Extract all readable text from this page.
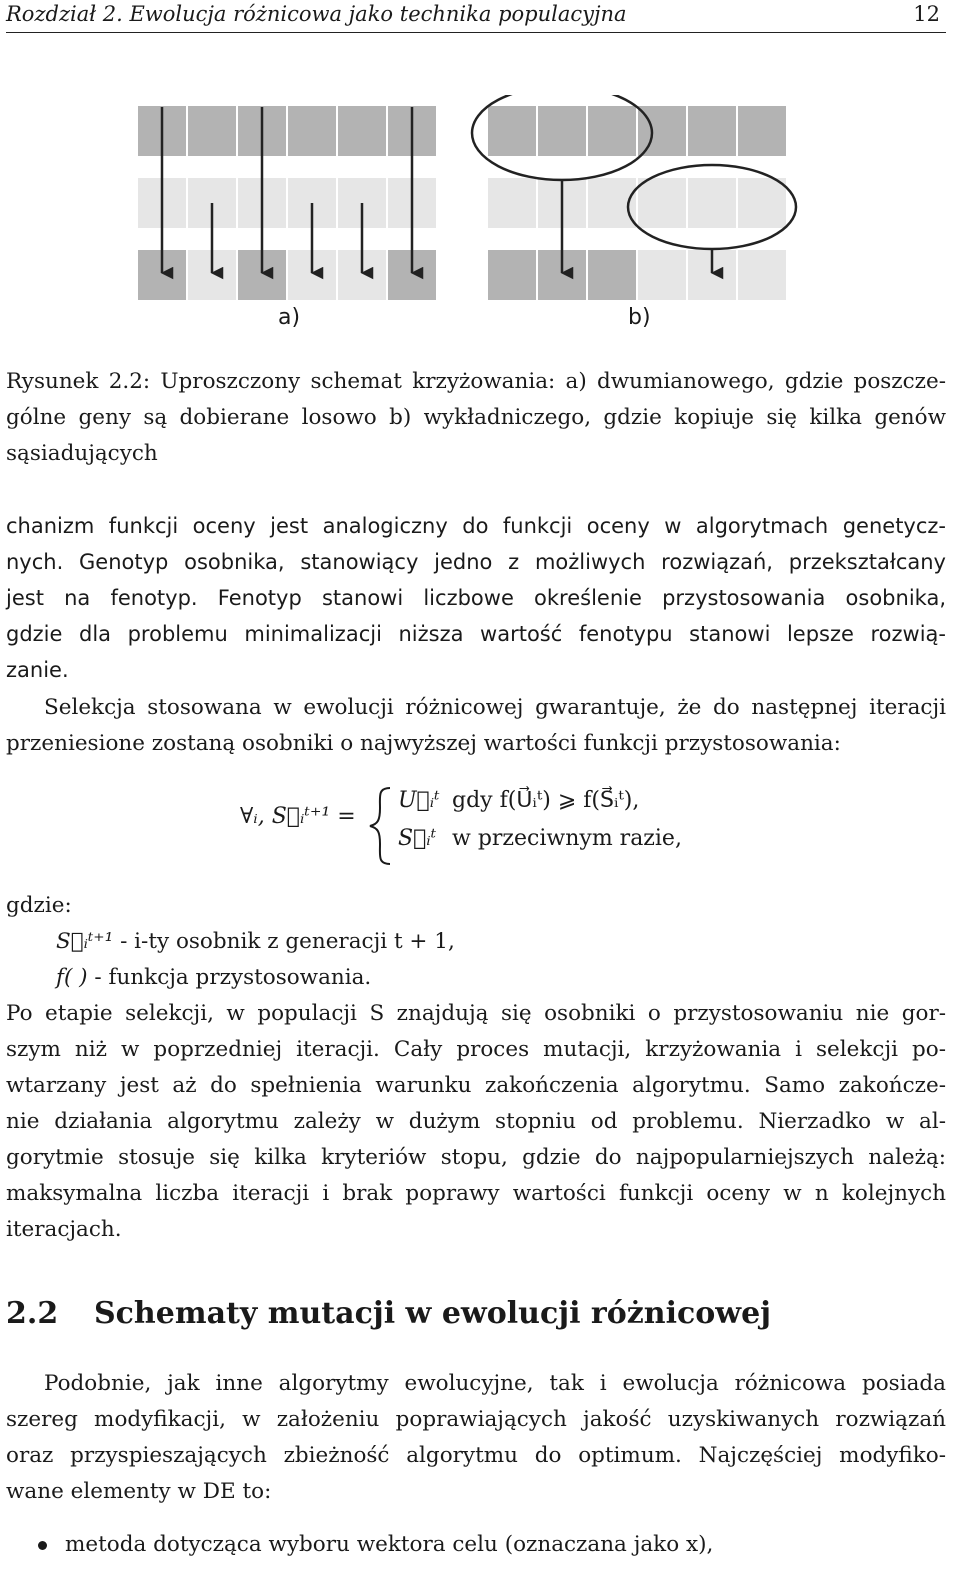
Rozdział 2. Ewolucja różnicowa jako technika populacyjna	12
a)	b)
Rysunek 2.2: Uproszczony schemat krzyżowania: a) dwumianowego, gdzie poszcze-
gólne geny są dobierane losowo b) wykładniczego, gdzie kopiuje się kilka genów
sąsiadujących
chanizm funkcji oceny jest analogiczny do funkcji oceny w algorytmach genetycz-
nych. Genotyp osobnika, stanowiący jedno z możliwych rozwiązań, przekształcany
jest na fenotyp. Fenotyp stanowi liczbowe określenie przystosowania osobnika,
gdzie dla problemu minimalizacji niższa wartość fenotypu stanowi lepsze rozwią-
zanie.
Selekcja stosowana w ewolucji różnicowej gwarantuje, że do następnej iteracji
przeniesione zostaną osobniki o najwyższej wartości funkcji przystosowania:
∀ᵢ, S⃗ᵢᵗ⁺¹ =
U⃗ᵢᵗ gdy f(U⃗ᵢᵗ) ⩾ f(S⃗ᵢᵗ),
S⃗ᵢᵗ w przeciwnym razie,
gdzie:
S⃗ᵢᵗ⁺¹ - i-ty osobnik z generacji t + 1,
f( ) - funkcja przystosowania.
Po etapie selekcji, w populacji S znajdują się osobniki o przystosowaniu nie gor-
szym niż w poprzedniej iteracji. Cały proces mutacji, krzyżowania i selekcji po-
wtarzany jest aż do spełnienia warunku zakończenia algorytmu. Samo zakończe-
nie działania algorytmu zależy w dużym stopniu od problemu. Nierzadko w al-
gorytmie stosuje się kilka kryteriów stopu, gdzie do najpopularniejszych należą:
maksymalna liczba iteracji i brak poprawy wartości funkcji oceny w n kolejnych
iteracjach.
2.2 Schematy mutacji w ewolucji różnicowej
Podobnie, jak inne algorytmy ewolucyjne, tak i ewolucja różnicowa posiada
szereg modyfikacji, w założeniu poprawiających jakość uzyskiwanych rozwiązań
oraz przyspieszających zbieżność algorytmu do optimum. Najczęściej modyfiko-
wane elementy w DE to:
metoda dotycząca wyboru wektora celu (oznaczana jako x),
